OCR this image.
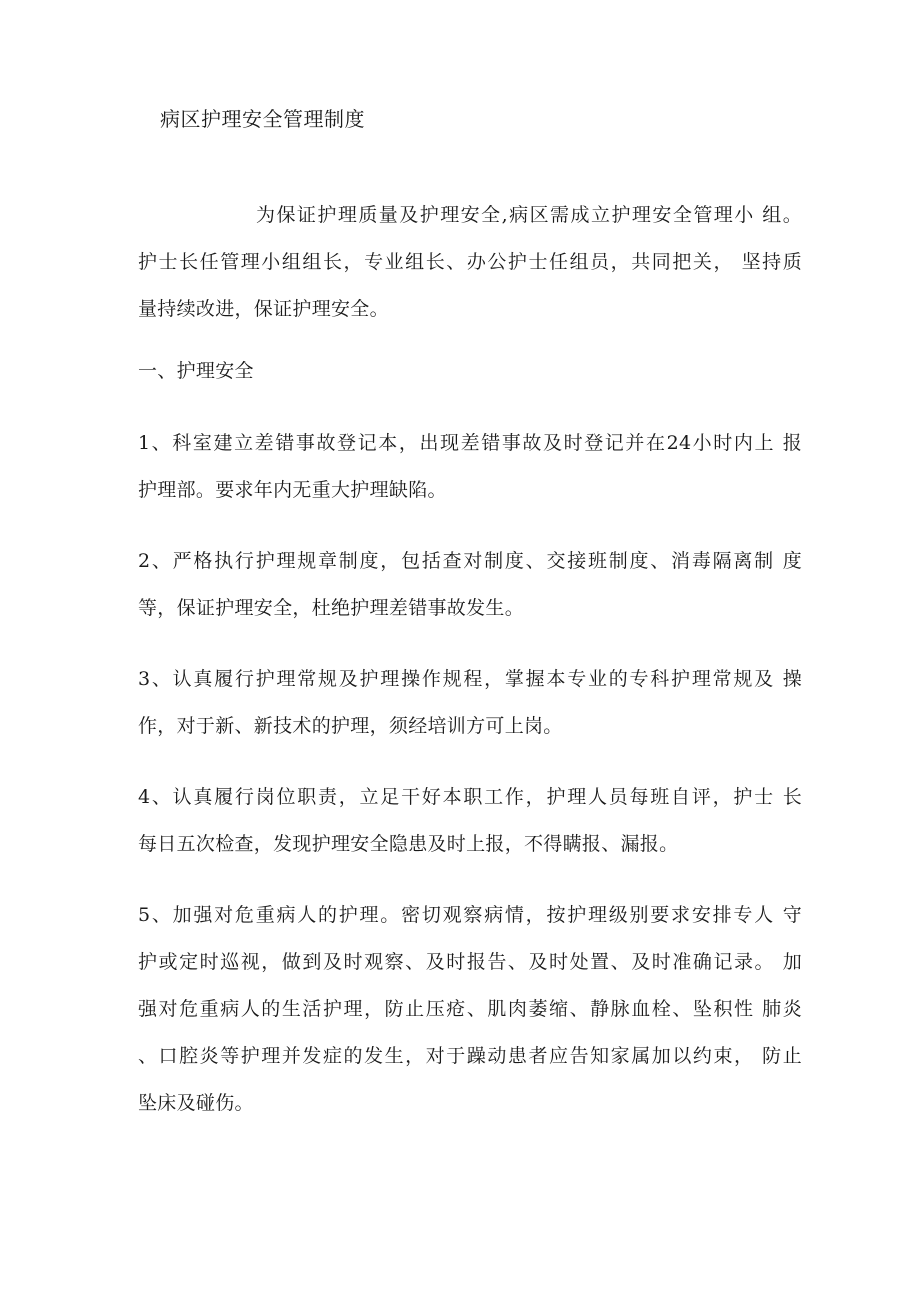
病区护理安全管理制度
为保证护理质量及护理安全,病区需成立护理安全管理小 组。
护士长任管理小组组长，专业组长、办公护士任组员，共同把关， 坚持质
量持续改进，保证护理安全。
一、护理安全
1、科室建立差错事故登记本，出现差错事故及时登记并在24小时内上 报
护理部。要求年内无重大护理缺陷。
2、严格执行护理规章制度，包括查对制度、交接班制度、消毒隔离制 度
等，保证护理安全，杜绝护理差错事故发生。
3、认真履行护理常规及护理操作规程，掌握本专业的专科护理常规及 操
作，对于新、新技术的护理，须经培训方可上岗。
4、认真履行岗位职责，立足干好本职工作，护理人员每班自评，护士 长
每日五次检查，发现护理安全隐患及时上报，不得瞒报、漏报。
5、加强对危重病人的护理。密切观察病情，按护理级别要求安排专人 守
护或定时巡视，做到及时观察、及时报告、及时处置、及时准确记录。 加
强对危重病人的生活护理，防止压疮、肌肉萎缩、静脉血栓、坠积性 肺炎
、口腔炎等护理并发症的发生，对于躁动患者应告知家属加以约束， 防止
坠床及碰伤。
